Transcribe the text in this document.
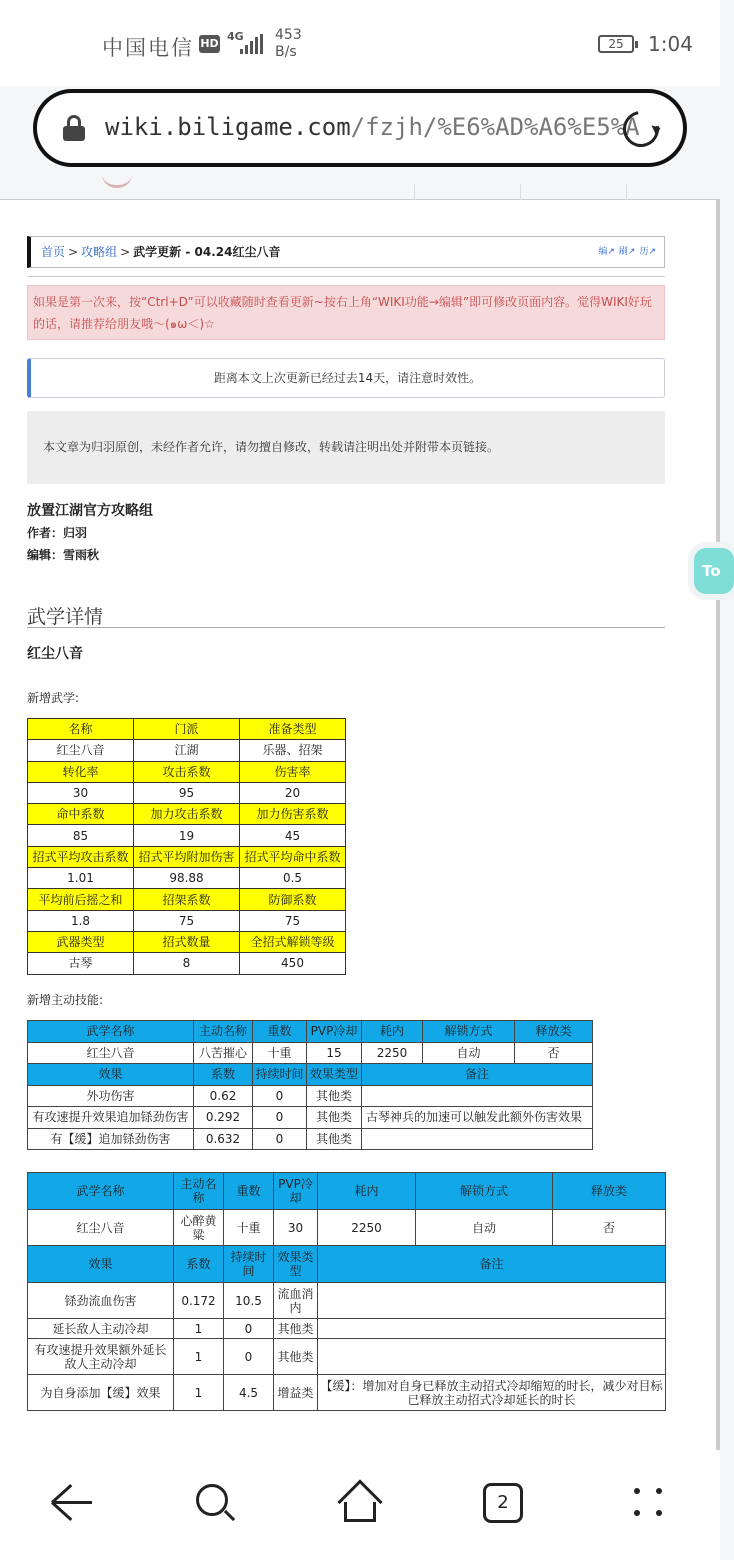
中国电信 HD
4G 453
B/s	25	1:04
wiki.biligame.com/fzjh/%E6%AD%A6%E5%A
首页 > 攻略组 > 武学更新 - 04.24红尘八音	编↗ 刷↗ 历↗
如果是第一次来，按“Ctrl+D”可以收藏随时查看更新~按右上角“WIKI功能→编辑”即可修改页面内容。觉得WIKI好玩的话，请推荐给朋友哦～(๑ω＜)☆
距离本文上次更新已经过去14天，请注意时效性。
本文章为归羽原创，未经作者允许，请勿擅自修改，转载请注明出处并附带本页链接。
放置江湖官方攻略组
作者：归羽
编辑：雪雨秋
武学详情
红尘八音
新增武学:
名称	门派	准备类型
红尘八音	江湖	乐器、招架
转化率	攻击系数	伤害率
30	95	20
命中系数	加力攻击系数	加力伤害系数
85	19	45
招式平均攻击系数	招式平均附加伤害	招式平均命中系数
1.01	98.88	0.5
平均前后摇之和	招架系数	防御系数
1.8	75	75
武器类型	招式数量	全招式解锁等级
古琴	8	450
新增主动技能:
武学名称	主动名称	重数	PVP冷却	耗内	解锁方式	释放类
红尘八音	八苦摧心	十重	15	2250	自动	否
效果	系数	持续时间	效果类型	备注		
外功伤害	0.62	0	其他类			
有攻速提升效果追加铩劲伤害	0.292	0	其他类	古琴神兵的加速可以触发此额外伤害效果		
有【缓】追加铩劲伤害	0.632	0	其他类			
武学名称	主动名称	重数	PVP冷却	耗内	解锁方式	释放类
红尘八音	心醉黄粱	十重	30	2250	自动	否
效果	系数	持续时间	效果类型	备注		
铩劲流血伤害	0.172	10.5	流血消内			
延长敌人主动冷却	1	0	其他类			
有攻速提升效果额外延长敌人主动冷却	1	0	其他类			
为自身添加【缓】效果	1	4.5	增益类	【缓】：增加对自身已释放主动招式冷却缩短的时长，减少对目标已释放主动招式冷却延长的时长		
To
2
